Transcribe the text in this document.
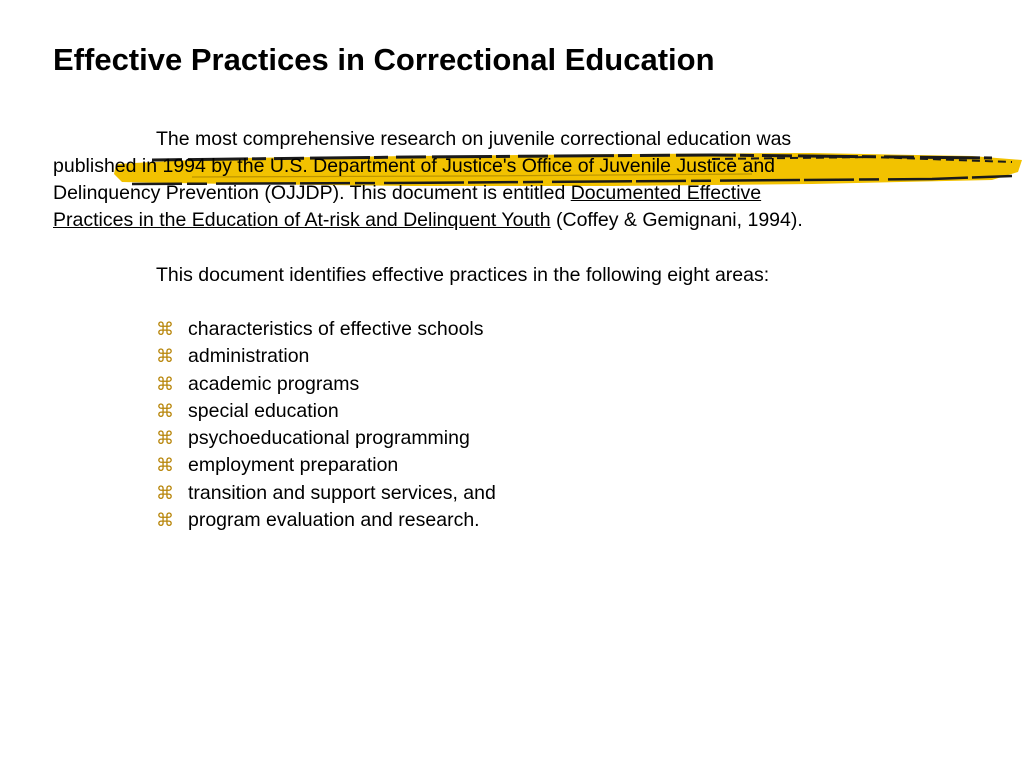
Effective Practices in Correctional Education

The most comprehensive research on juvenile correctional education was
published in 1994 by the U.S. Department of Justice's Office of Juvenile Justice and
Delinquency Prevention (OJJDP). This document is entitled Documented Effective
Practices in the Education of At-risk and Delinquent Youth (Coffey & Gemignani, 1994).

This document identifies effective practices in the following eight areas:

⌘ characteristics of effective schools
⌘ administration
⌘ academic programs
⌘ special education
⌘ psychoeducational programming
⌘ employment preparation
⌘ transition and support services, and
⌘ program evaluation and research.
